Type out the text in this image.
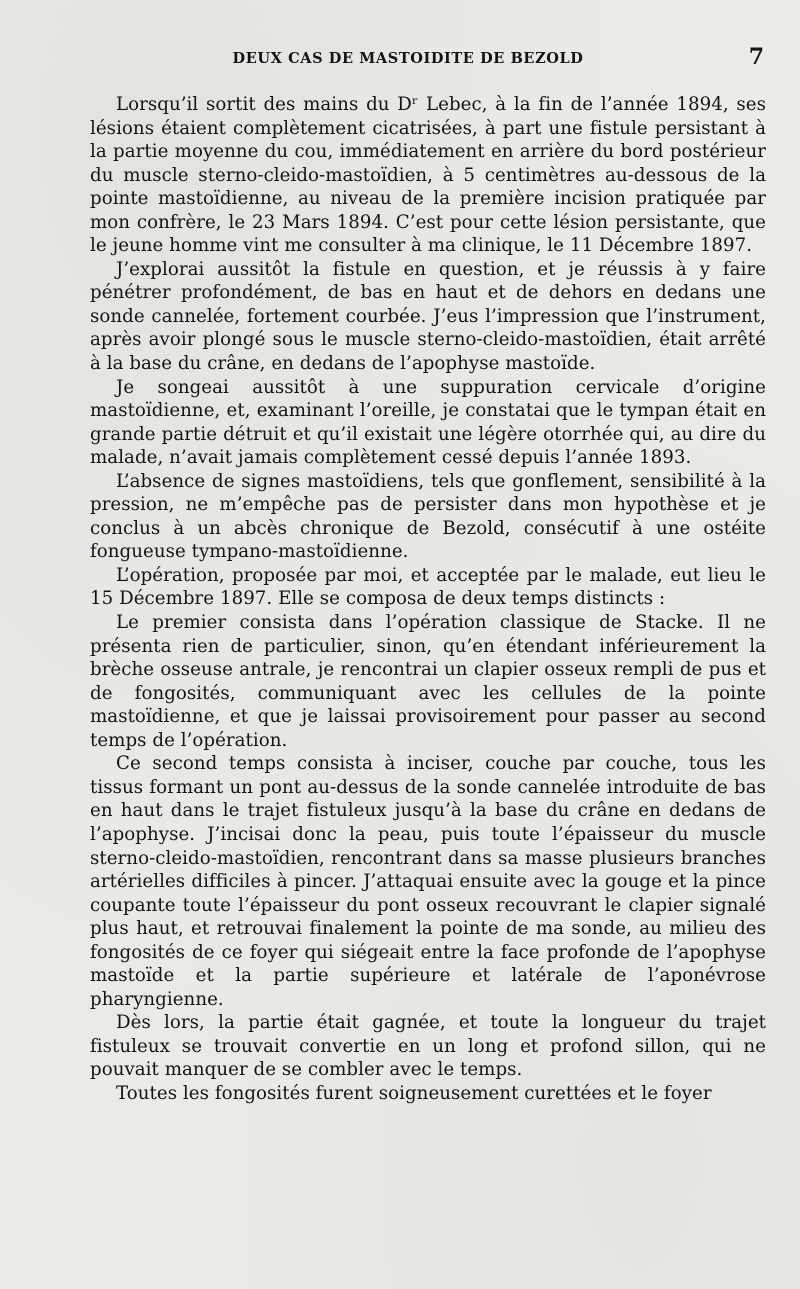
DEUX CAS DE MASTOIDITE DE BEZOLD	7

Lorsqu’il sortit des mains du Dʳ Lebec, à la fin de l’année 1894, ses lésions étaient complètement cicatrisées, à part une fistule persistant à la partie moyenne du cou, immédiatement en arrière du bord postérieur du muscle sterno-cleido-mastoïdien, à 5 centimètres au-dessous de la pointe mastoïdienne, au niveau de la première incision pratiquée par mon confrère, le 23 Mars 1894. C’est pour cette lésion persistante, que le jeune homme vint me consulter à ma clinique, le 11 Décembre 1897.

J’explorai aussitôt la fistule en question, et je réussis à y faire pénétrer profondément, de bas en haut et de dehors en dedans une sonde cannelée, fortement courbée. J’eus l’impression que l’instrument, après avoir plongé sous le muscle sterno-cleido-mastoïdien, était arrêté à la base du crâne, en dedans de l’apophyse mastoïde.

Je songeai aussitôt à une suppuration cervicale d’origine mastoïdienne, et, examinant l’oreille, je constatai que le tympan était en grande partie détruit et qu’il existait une légère otorrhée qui, au dire du malade, n’avait jamais complètement cessé depuis l’année 1893.

L’absence de signes mastoïdiens, tels que gonflement, sensibilité à la pression, ne m’empêche pas de persister dans mon hypothèse et je conclus à un abcès chronique de Bezold, consécutif à une ostéite fongueuse tympano-mastoïdienne.

L’opération, proposée par moi, et acceptée par le malade, eut lieu le 15 Décembre 1897. Elle se composa de deux temps distincts :

Le premier consista dans l’opération classique de Stacke. Il ne présenta rien de particulier, sinon, qu’en étendant inférieurement la brèche osseuse antrale, je rencontrai un clapier osseux rempli de pus et de fongosités, communiquant avec les cellules de la pointe mastoïdienne, et que je laissai provisoirement pour passer au second temps de l’opération.

Ce second temps consista à inciser, couche par couche, tous les tissus formant un pont au-dessus de la sonde cannelée introduite de bas en haut dans le trajet fistuleux jusqu’à la base du crâne en dedans de l’apophyse. J’incisai donc la peau, puis toute l’épaisseur du muscle sterno-cleido-mastoïdien, rencontrant dans sa masse plusieurs branches artérielles difficiles à pincer. J’attaquai ensuite avec la gouge et la pince coupante toute l’épaisseur du pont osseux recouvrant le clapier signalé plus haut, et retrouvai finalement la pointe de ma sonde, au milieu des fongosités de ce foyer qui siégeait entre la face profonde de l’apophyse mastoïde et la partie supérieure et latérale de l’aponévrose pharyngienne.

Dès lors, la partie était gagnée, et toute la longueur du trajet fistuleux se trouvait convertie en un long et profond sillon, qui ne pouvait manquer de se combler avec le temps.

Toutes les fongosités furent soigneusement curettées et le foyer
